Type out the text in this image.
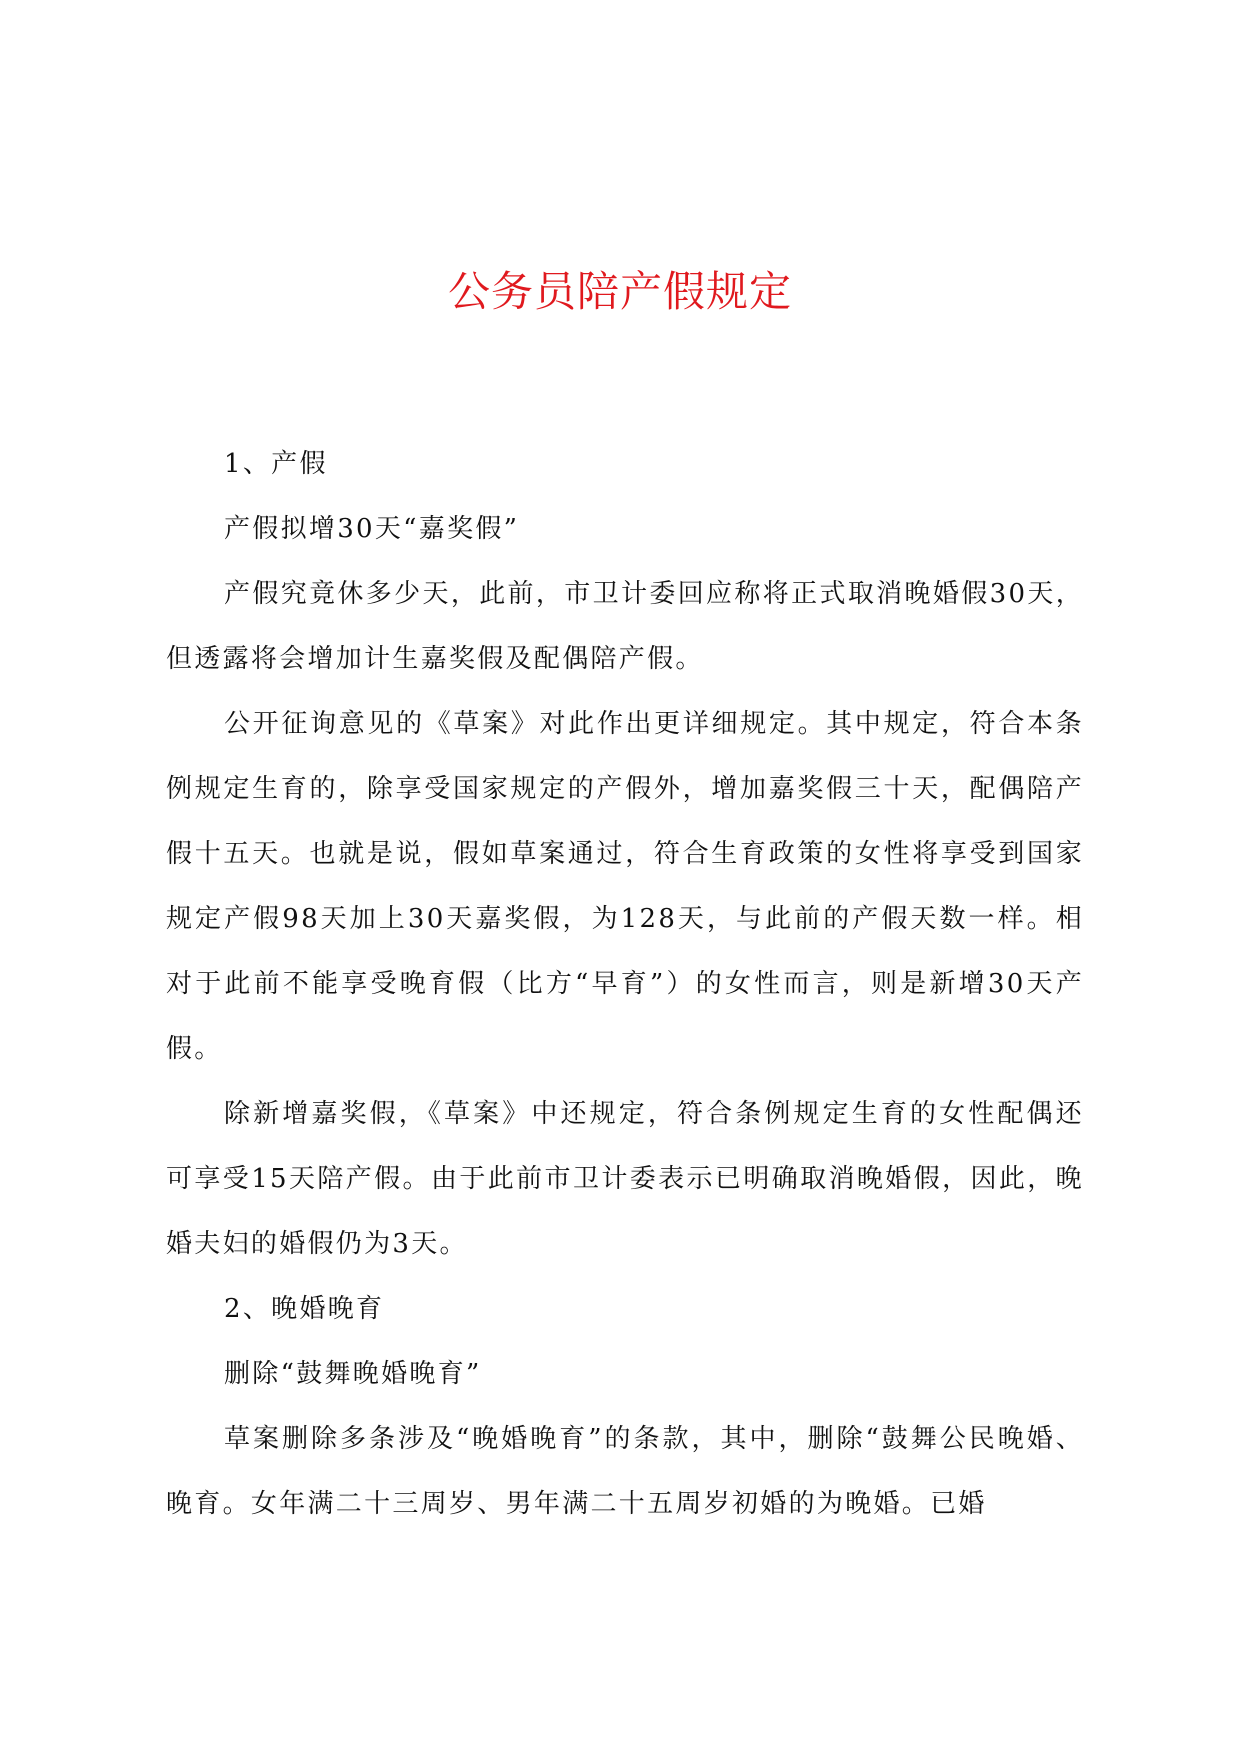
公务员陪产假规定

1、产假

产假拟增30天“嘉奖假”

产假究竟休多少天，此前，市卫计委回应称将正式取消晚婚假30天，但透露将会增加计生嘉奖假及配偶陪产假。

公开征询意见的《草案》对此作出更详细规定。其中规定，符合本条例规定生育的，除享受国家规定的产假外，增加嘉奖假三十天，配偶陪产假十五天。也就是说，假如草案通过，符合生育政策的女性将享受到国家规定产假98天加上30天嘉奖假，为128天，与此前的产假天数一样。相对于此前不能享受晚育假（比方“早育”）的女性而言，则是新增30天产假。

除新增嘉奖假，《草案》中还规定，符合条例规定生育的女性配偶还可享受15天陪产假。由于此前市卫计委表示已明确取消晚婚假，因此，晚婚夫妇的婚假仍为3天。

2、晚婚晚育

删除“鼓舞晚婚晚育”

草案删除多条涉及“晚婚晚育”的条款，其中，删除“鼓舞公民晚婚、晚育。女年满二十三周岁、男年满二十五周岁初婚的为晚婚。已婚
